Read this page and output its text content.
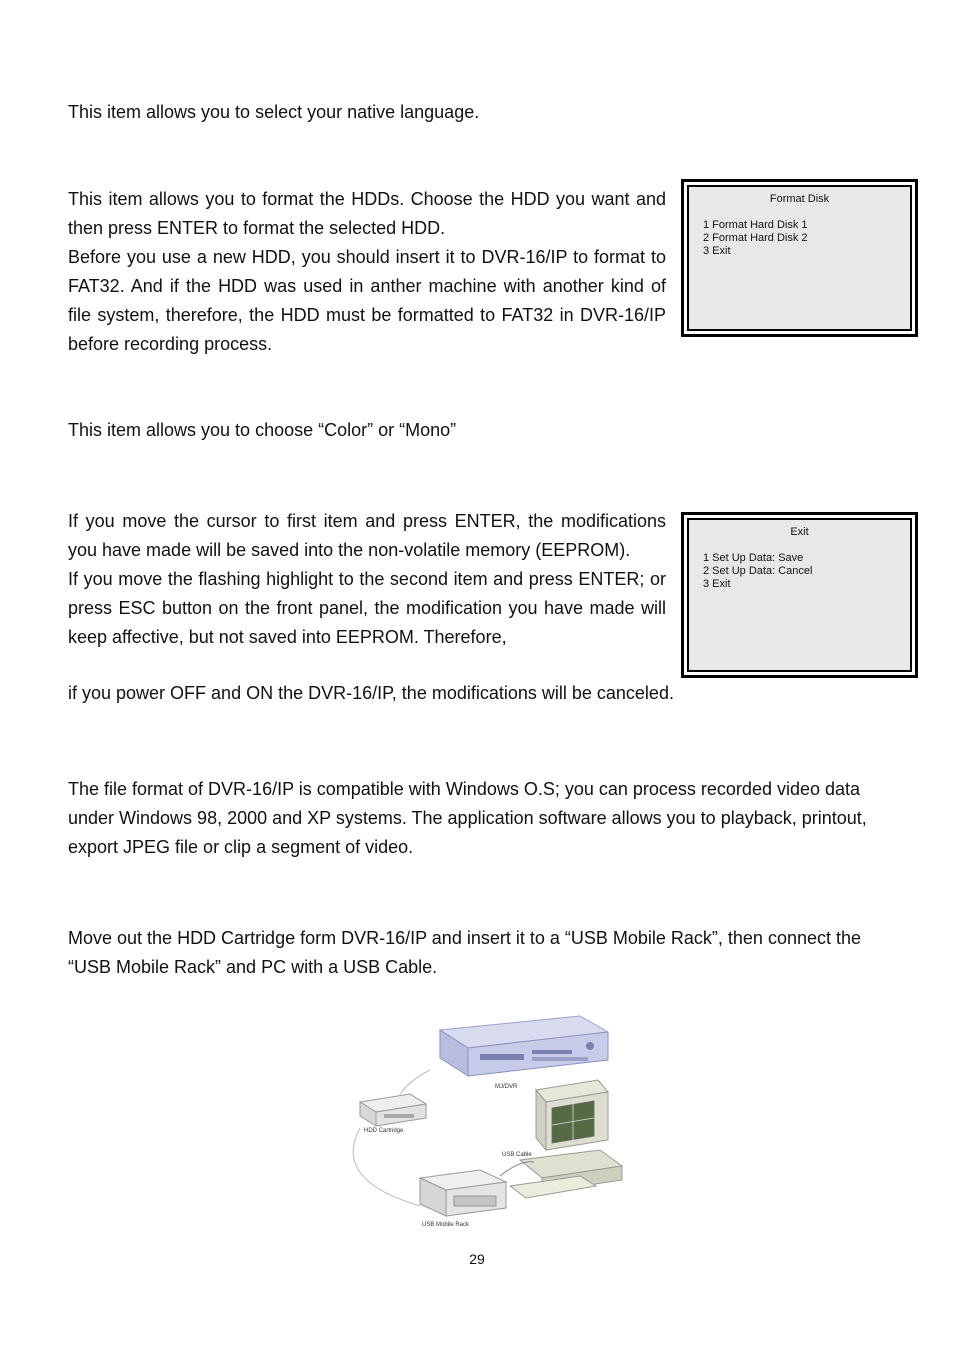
This item allows you to select your native language.

This item allows you to format the HDDs. Choose the HDD you want and then press ENTER to format the selected HDD.
Before you use a new HDD, you should insert it to DVR-16/IP to format to FAT32. And if the HDD was used in anther machine with another kind of file system, therefore, the HDD must be formatted to FAT32 in DVR-16/IP before recording process.
Format Disk
1 Format Hard Disk 1
2 Format Hard Disk 2
3 Exit

This item allows you to choose “Color” or “Mono”

If you move the cursor to first item and press ENTER, the modifications you have made will be saved into the non-volatile memory (EEPROM).
If you move the flashing highlight to the second item and press ENTER; or press ESC button on the front panel, the modification you have made will keep affective, but not saved into EEPROM. Therefore,

if you power OFF and ON the DVR-16/IP, the modifications will be canceled.

Exit
1 Set Up Data: Save
2 Set Up Data: Cancel
3 Exit

The file format of DVR-16/IP is compatible with Windows O.S; you can process recorded video data under Windows 98, 2000 and XP systems. The application software allows you to playback, printout, export JPEG file or clip a segment of video.

Move out the HDD Cartridge form DVR-16/IP and insert it to a “USB Mobile Rack”, then connect the “USB Mobile Rack” and PC with a USB Cable.

MJ/DVR
HDD Cartridge
USB Mobile Rack
USB Cable
29
